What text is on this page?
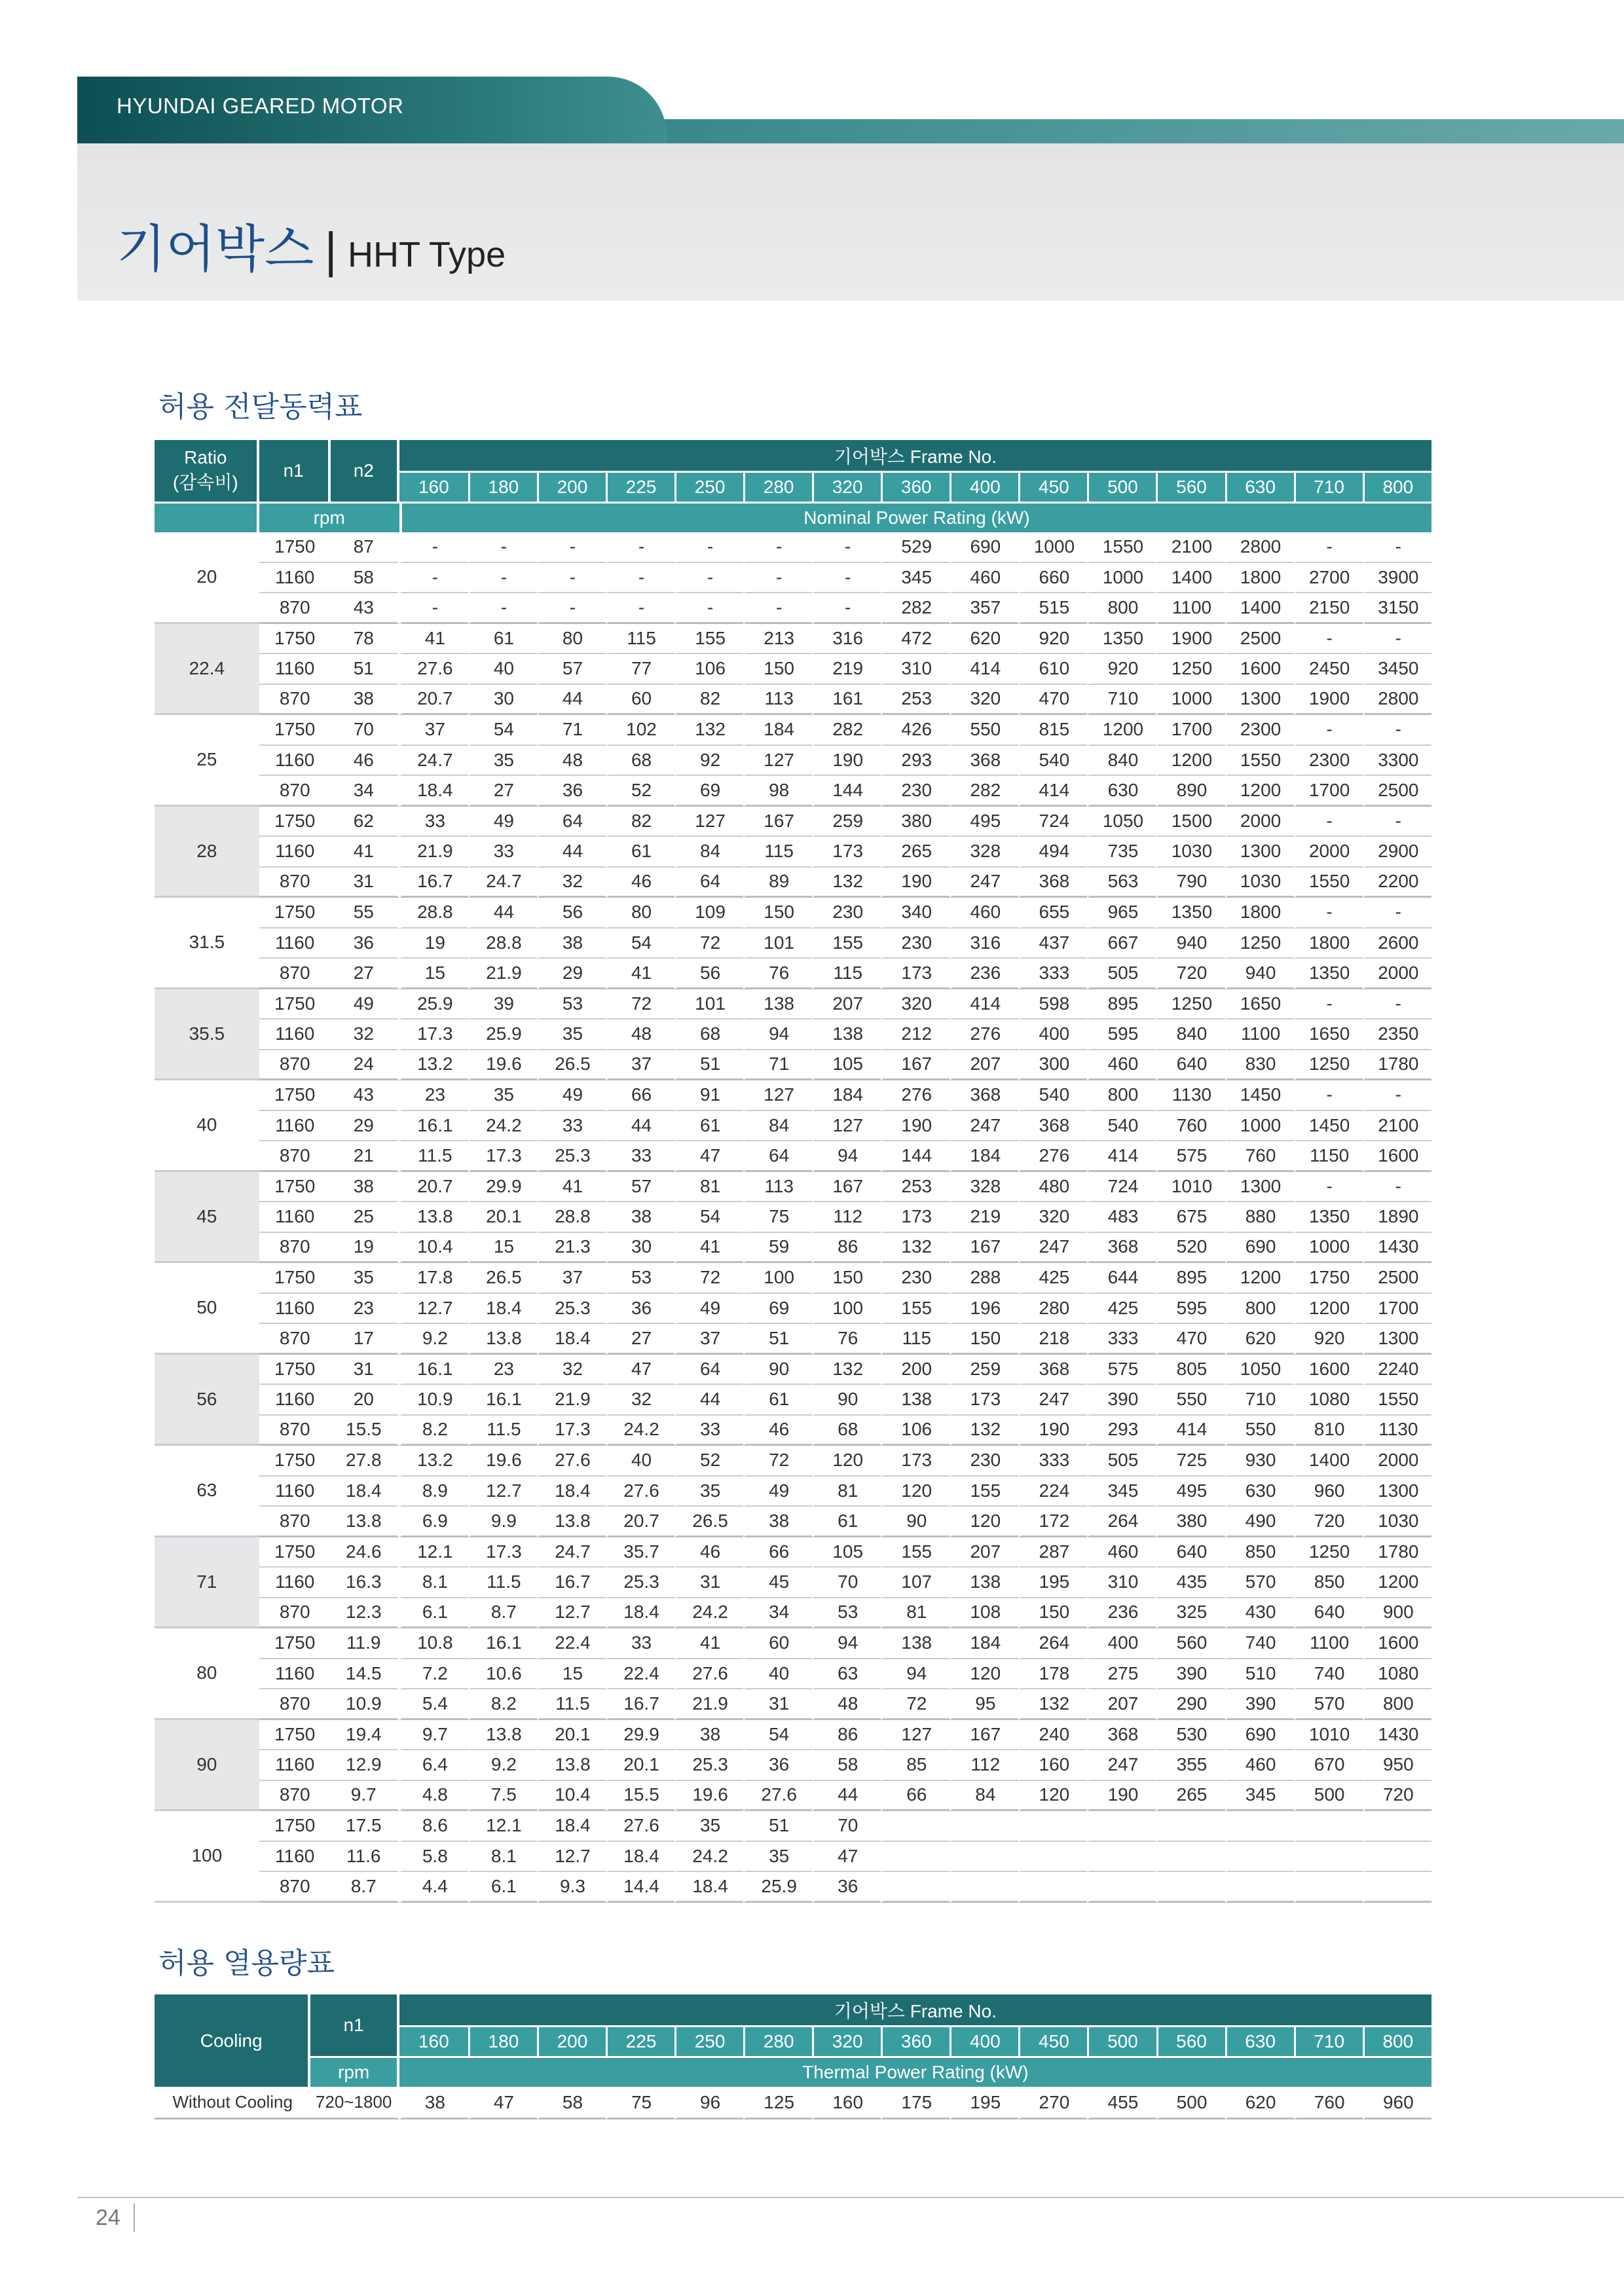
HYUNDAI GEARED MOTOR
기어박스 | HHT Type
허용 전달동력표
Ratio
(감속비)	n1	n2	기어박스 Frame No.														
			160	180	200	225	250	280	320	360	400	450	500	560	630	710	800
	rpm		Nominal Power Rating (kW)														
20	1750	87	-	-	-	-	-	-	-	529	690	1000	1550	2100	2800	-	-
	1160	58	-	-	-	-	-	-	-	345	460	660	1000	1400	1800	2700	3900
	870	43	-	-	-	-	-	-	-	282	357	515	800	1100	1400	2150	3150
22.4	1750	78	41	61	80	115	155	213	316	472	620	920	1350	1900	2500	-	-
	1160	51	27.6	40	57	77	106	150	219	310	414	610	920	1250	1600	2450	3450
	870	38	20.7	30	44	60	82	113	161	253	320	470	710	1000	1300	1900	2800
25	1750	70	37	54	71	102	132	184	282	426	550	815	1200	1700	2300	-	-
	1160	46	24.7	35	48	68	92	127	190	293	368	540	840	1200	1550	2300	3300
	870	34	18.4	27	36	52	69	98	144	230	282	414	630	890	1200	1700	2500
28	1750	62	33	49	64	82	127	167	259	380	495	724	1050	1500	2000	-	-
	1160	41	21.9	33	44	61	84	115	173	265	328	494	735	1030	1300	2000	2900
	870	31	16.7	24.7	32	46	64	89	132	190	247	368	563	790	1030	1550	2200
31.5	1750	55	28.8	44	56	80	109	150	230	340	460	655	965	1350	1800	-	-
	1160	36	19	28.8	38	54	72	101	155	230	316	437	667	940	1250	1800	2600
	870	27	15	21.9	29	41	56	76	115	173	236	333	505	720	940	1350	2000
35.5	1750	49	25.9	39	53	72	101	138	207	320	414	598	895	1250	1650	-	-
	1160	32	17.3	25.9	35	48	68	94	138	212	276	400	595	840	1100	1650	2350
	870	24	13.2	19.6	26.5	37	51	71	105	167	207	300	460	640	830	1250	1780
40	1750	43	23	35	49	66	91	127	184	276	368	540	800	1130	1450	-	-
	1160	29	16.1	24.2	33	44	61	84	127	190	247	368	540	760	1000	1450	2100
	870	21	11.5	17.3	25.3	33	47	64	94	144	184	276	414	575	760	1150	1600
45	1750	38	20.7	29.9	41	57	81	113	167	253	328	480	724	1010	1300	-	-
	1160	25	13.8	20.1	28.8	38	54	75	112	173	219	320	483	675	880	1350	1890
	870	19	10.4	15	21.3	30	41	59	86	132	167	247	368	520	690	1000	1430
50	1750	35	17.8	26.5	37	53	72	100	150	230	288	425	644	895	1200	1750	2500
	1160	23	12.7	18.4	25.3	36	49	69	100	155	196	280	425	595	800	1200	1700
	870	17	9.2	13.8	18.4	27	37	51	76	115	150	218	333	470	620	920	1300
56	1750	31	16.1	23	32	47	64	90	132	200	259	368	575	805	1050	1600	2240
	1160	20	10.9	16.1	21.9	32	44	61	90	138	173	247	390	550	710	1080	1550
	870	15.5	8.2	11.5	17.3	24.2	33	46	68	106	132	190	293	414	550	810	1130
63	1750	27.8	13.2	19.6	27.6	40	52	72	120	173	230	333	505	725	930	1400	2000
	1160	18.4	8.9	12.7	18.4	27.6	35	49	81	120	155	224	345	495	630	960	1300
	870	13.8	6.9	9.9	13.8	20.7	26.5	38	61	90	120	172	264	380	490	720	1030
71	1750	24.6	12.1	17.3	24.7	35.7	46	66	105	155	207	287	460	640	850	1250	1780
	1160	16.3	8.1	11.5	16.7	25.3	31	45	70	107	138	195	310	435	570	850	1200
	870	12.3	6.1	8.7	12.7	18.4	24.2	34	53	81	108	150	236	325	430	640	900
80	1750	11.9	10.8	16.1	22.4	33	41	60	94	138	184	264	400	560	740	1100	1600
	1160	14.5	7.2	10.6	15	22.4	27.6	40	63	94	120	178	275	390	510	740	1080
	870	10.9	5.4	8.2	11.5	16.7	21.9	31	48	72	95	132	207	290	390	570	800
90	1750	19.4	9.7	13.8	20.1	29.9	38	54	86	127	167	240	368	530	690	1010	1430
	1160	12.9	6.4	9.2	13.8	20.1	25.3	36	58	85	112	160	247	355	460	670	950
	870	9.7	4.8	7.5	10.4	15.5	19.6	27.6	44	66	84	120	190	265	345	500	720
100	1750	17.5	8.6	12.1	18.4	27.6	35	51	70								
	1160	11.6	5.8	8.1	12.7	18.4	24.2	35	47								
	870	8.7	4.4	6.1	9.3	14.4	18.4	25.9	36								
허용 열용량표
Cooling	n1	기어박스 Frame No.														
		160	180	200	225	250	280	320	360	400	450	500	560	630	710	800
	rpm	Thermal Power Rating (kW)														
Without Cooling	720~1800	38	47	58	75	96	125	160	175	195	270	455	500	620	760	960
24
